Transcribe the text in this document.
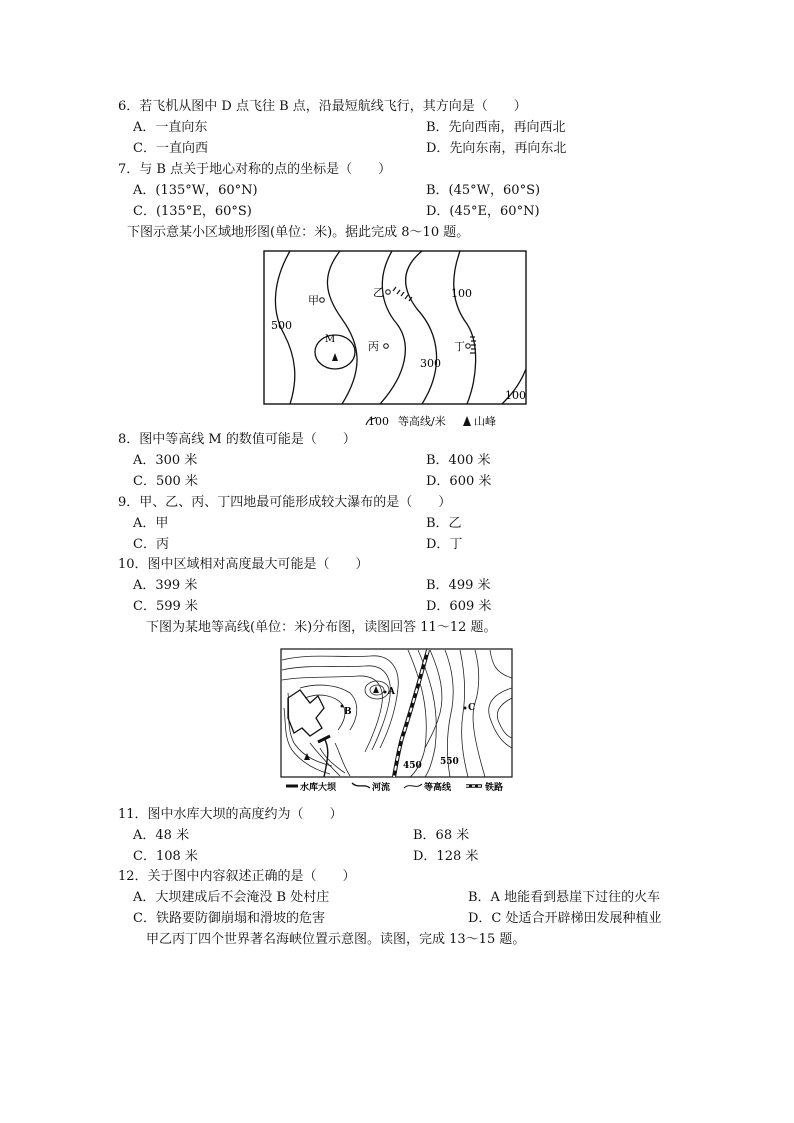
6．若飞机从图中 D 点飞往 B 点，沿最短航线飞行，其方向是（　　）
A．一直向东	B．先向西南，再向西北
C．一直向西	D．先向东南，再向东北
7．与 B 点关于地心对称的点的坐标是（　　）
A．(135°W，60°N)	B．(45°W，60°S)
C．(135°E，60°S)	D．(45°E，60°N)
下图示意某小区域地形图(单位：米)。据此完成 8～10 题。
甲
乙
丙	丁
M
500
300
100
100
100 等高线/米	山峰
8．图中等高线 M 的数值可能是（　　）
A．300 米	B．400 米
C．500 米	D．600 米
9．甲、乙、丙、丁四地最可能形成较大瀑布的是（　　）
A．甲	B．乙
C．丙	D．丁
10．图中区域相对高度最大可能是（　　）
A．399 米	B．499 米
C．599 米	D．609 米
下图为某地等高线(单位：米)分布图，读图回答 11～12 题。
A
B	C
450 550
水库大坝	河流	等高线	铁路
11．图中水库大坝的高度约为（　　）
A．48 米	B．68 米
C．108 米	D．128 米
12．关于图中内容叙述正确的是（　　）
A．大坝建成后不会淹没 B 处村庄	B．A 地能看到悬崖下过往的火车
C．铁路要防御崩塌和滑坡的危害	D．C 处适合开辟梯田发展种植业
甲乙丙丁四个世界著名海峡位置示意图。读图，完成 13～15 题。
